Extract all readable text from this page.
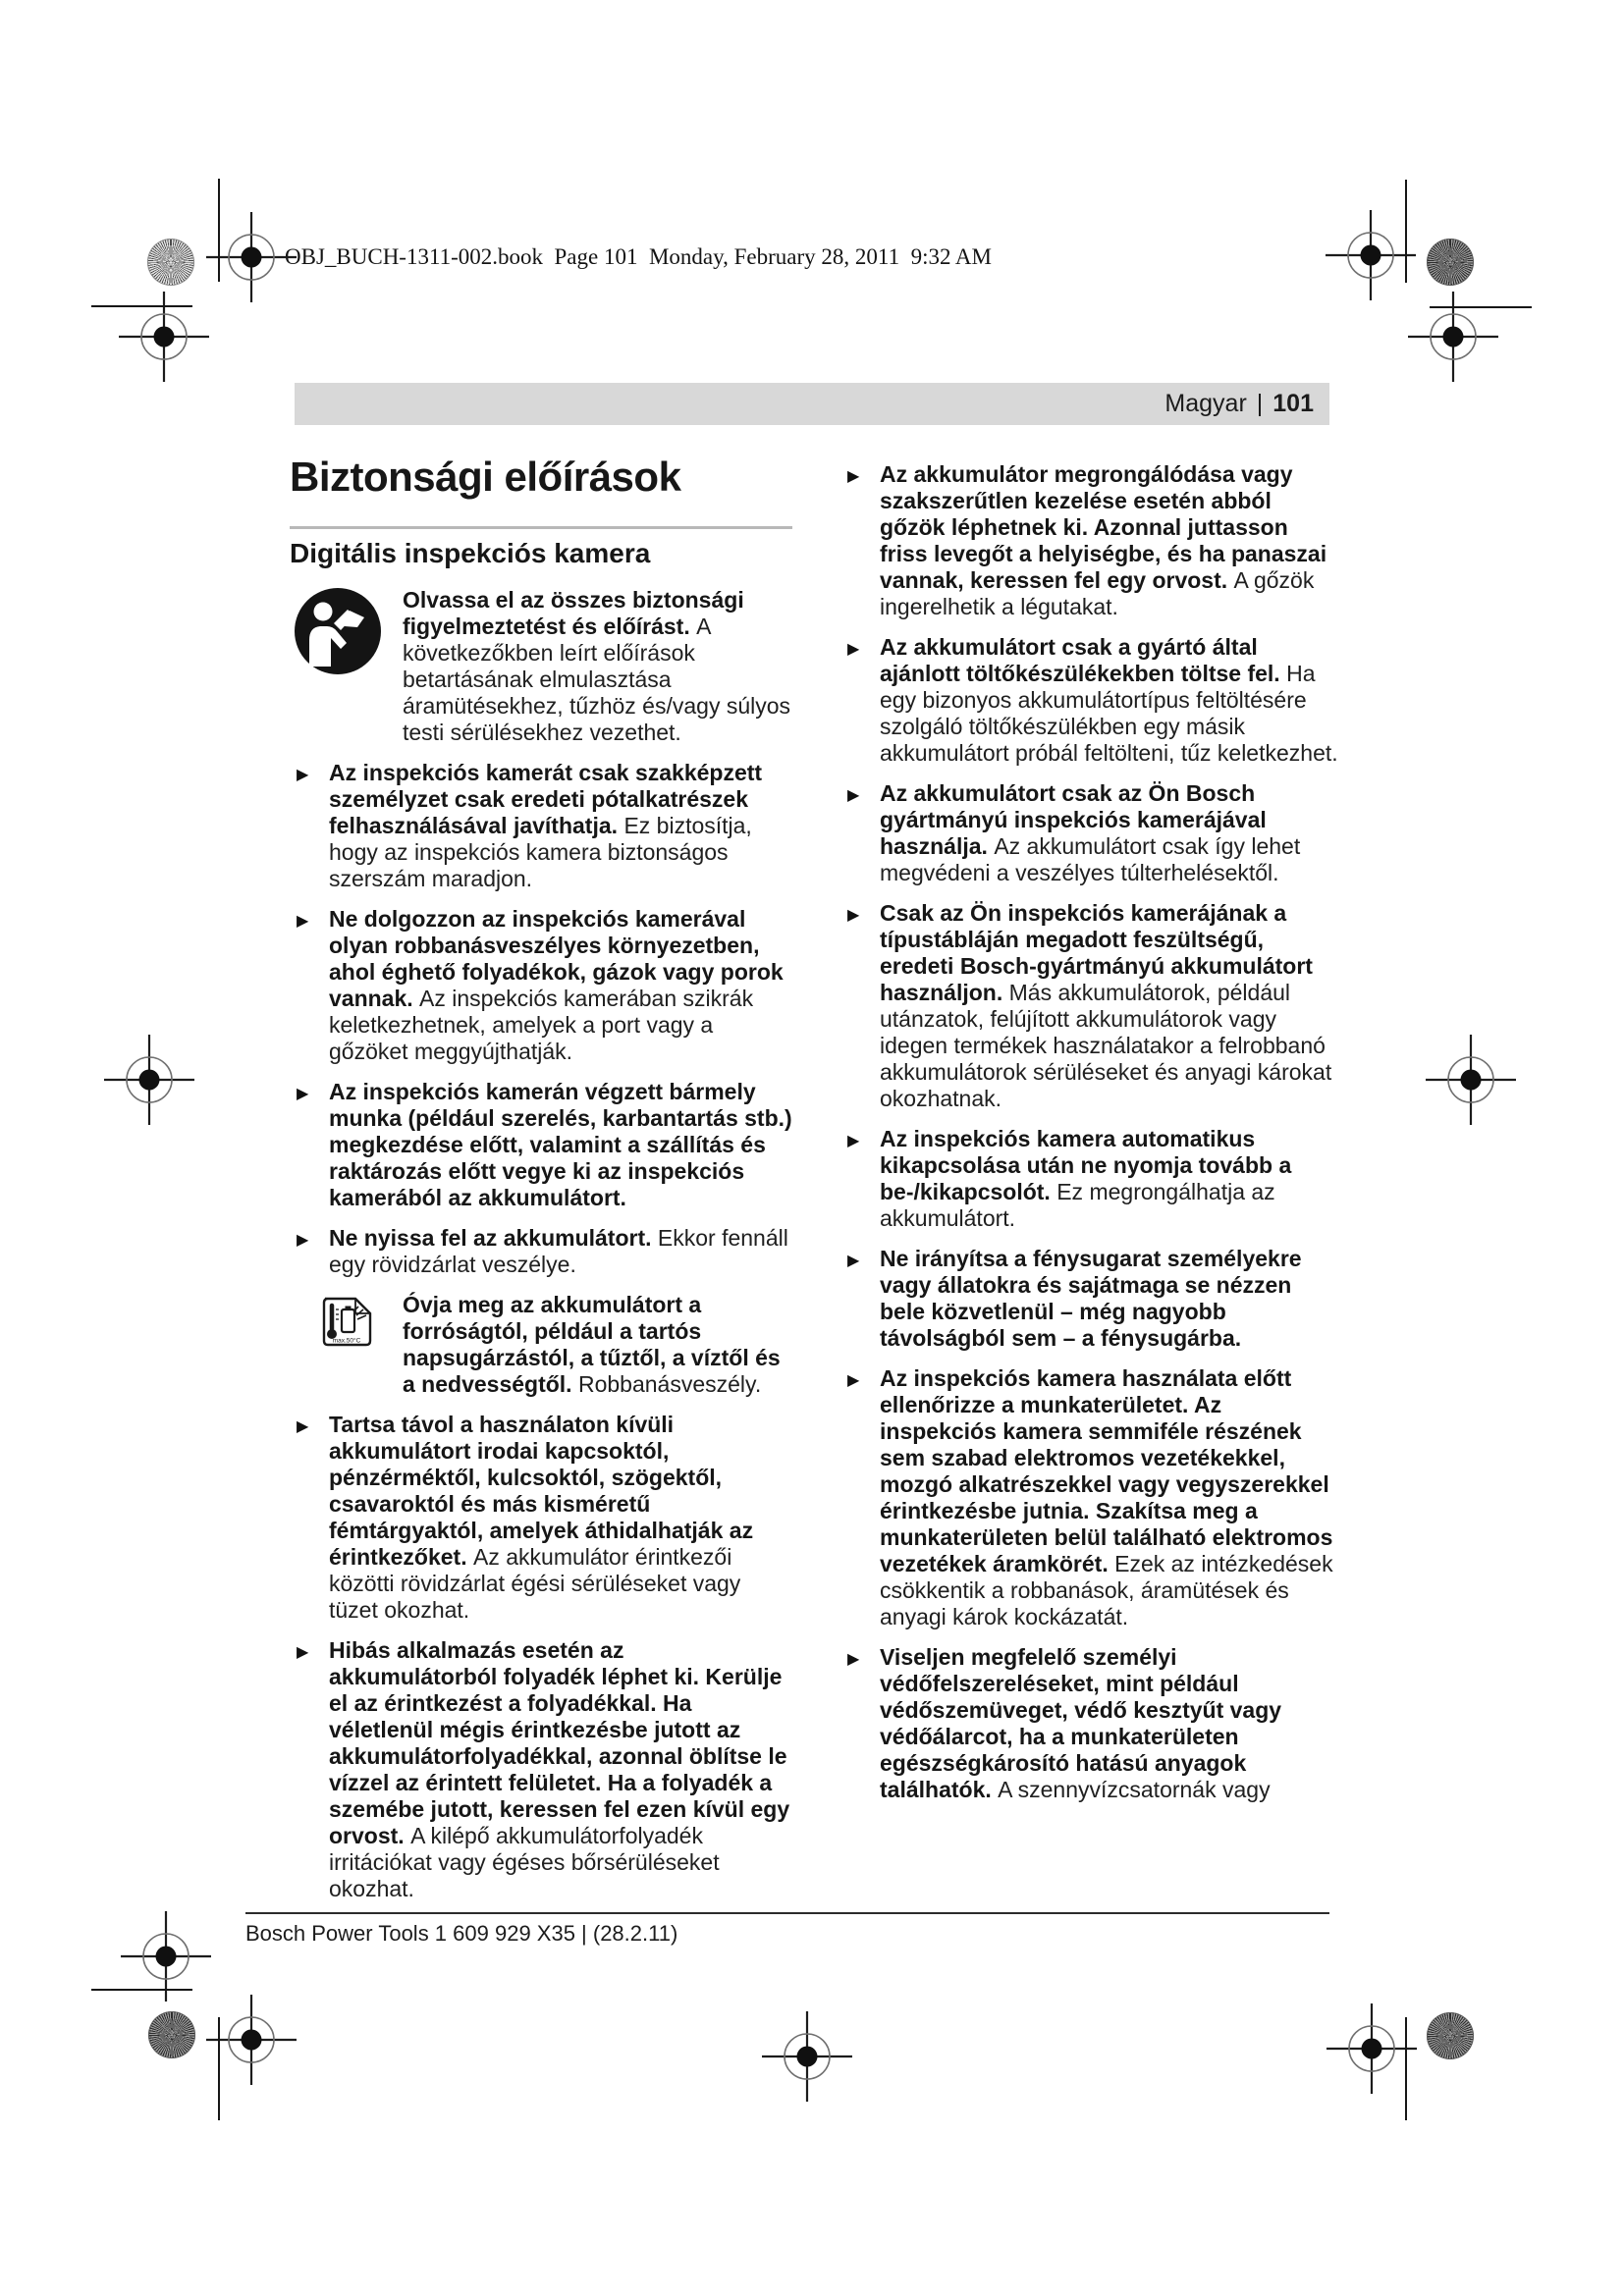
OBJ_BUCH-1311-002.book  Page 101  Monday, February 28, 2011  9:32 AM
Magyar | 101
Biztonsági előírások
Digitális inspekciós kamera
Olvassa el az összes biztonsági figyelmeztetést és előírást. A következőkben leírt előírások betartásának elmulasztása áramütésekhez, tűzhöz és/vagy súlyos testi sérülésekhez vezethet.
▶ Az inspekciós kamerát csak szakképzett személyzet csak eredeti pótalkatrészek felhasználásával javíthatja. Ez biztosítja, hogy az inspekciós kamera biztonságos szerszám maradjon.
▶ Ne dolgozzon az inspekciós kamerával olyan robbanásveszélyes környezetben, ahol éghető folyadékok, gázok vagy porok vannak. Az inspekciós kamerában szikrák keletkezhetnek, amelyek a port vagy a gőzöket meggyújthatják.
▶ Az inspekciós kamerán végzett bármely munka (például szerelés, karbantartás stb.) megkezdése előtt, valamint a szállítás és raktározás előtt vegye ki az inspekciós kamerából az akkumulátort.
▶ Ne nyissa fel az akkumulátort. Ekkor fennáll egy rövidzárlat veszélye.
max.50°C
Óvja meg az akkumulátort a forróságtól, például a tartós napsugárzástól, a tűztől, a víztől és a nedvességtől. Robbanásveszély.
▶ Tartsa távol a használaton kívüli akkumulátort irodai kapcsoktól, pénzérméktől, kulcsoktól, szögektől, csavaroktól és más kisméretű fémtárgyaktól, amelyek áthidalhatják az érintkezőket. Az akkumulátor érintkezői közötti rövidzárlat égési sérüléseket vagy tüzet okozhat.
▶ Hibás alkalmazás esetén az akkumulátorból folyadék léphet ki. Kerülje el az érintkezést a folyadékkal. Ha véletlenül mégis érintkezésbe jutott az akkumulátorfolyadékkal, azonnal öblítse le vízzel az érintett felületet. Ha a folyadék a szemébe jutott, keressen fel ezen kívül egy orvost. A kilépő akkumulátorfolyadék irritációkat vagy égéses bőrsérüléseket okozhat.
▶ Az akkumulátor megrongálódása vagy szakszerűtlen kezelése esetén abból gőzök léphetnek ki. Azonnal juttasson friss levegőt a helyiségbe, és ha panaszai vannak, keressen fel egy orvost. A gőzök ingerelhetik a légutakat.
▶ Az akkumulátort csak a gyártó által ajánlott töltőkészülékekben töltse fel. Ha egy bizonyos akkumulátortípus feltöltésére szolgáló töltőkészülékben egy másik akkumulátort próbál feltölteni, tűz keletkezhet.
▶ Az akkumulátort csak az Ön Bosch gyártmányú inspekciós kamerájával használja. Az akkumulátort csak így lehet megvédeni a veszélyes túlterhelésektől.
▶ Csak az Ön inspekciós kamerájának a típustábláján megadott feszültségű, eredeti Bosch-gyártmányú akkumulátort használjon. Más akkumulátorok, például utánzatok, felújított akkumulátorok vagy idegen termékek használatakor a felrobbanó akkumulátorok sérüléseket és anyagi károkat okozhatnak.
▶ Az inspekciós kamera automatikus kikapcsolása után ne nyomja tovább a be-/kikapcsolót. Ez megrongálhatja az akkumulátort.
▶ Ne irányítsa a fénysugarat személyekre vagy állatokra és sajátmaga se nézzen bele közvetlenül – még nagyobb távolságból sem – a fénysugárba.
▶ Az inspekciós kamera használata előtt ellenőrizze a munkaterületet. Az inspekciós kamera semmiféle részének sem szabad elektromos vezetékekkel, mozgó alkatrészekkel vagy vegyszerekkel érintkezésbe jutnia. Szakítsa meg a munkaterületen belül található elektromos vezetékek áramkörét. Ezek az intézkedések csökkentik a robbanások, áramütések és anyagi károk kockázatát.
▶ Viseljen megfelelő személyi védőfelszereléseket, mint például védőszemüveget, védő kesztyűt vagy védőálarcot, ha a munkaterületen egészségkárosító hatású anyagok találhatók. A szennyvízcsatornák vagy
Bosch Power Tools 1 609 929 X35 | (28.2.11)
